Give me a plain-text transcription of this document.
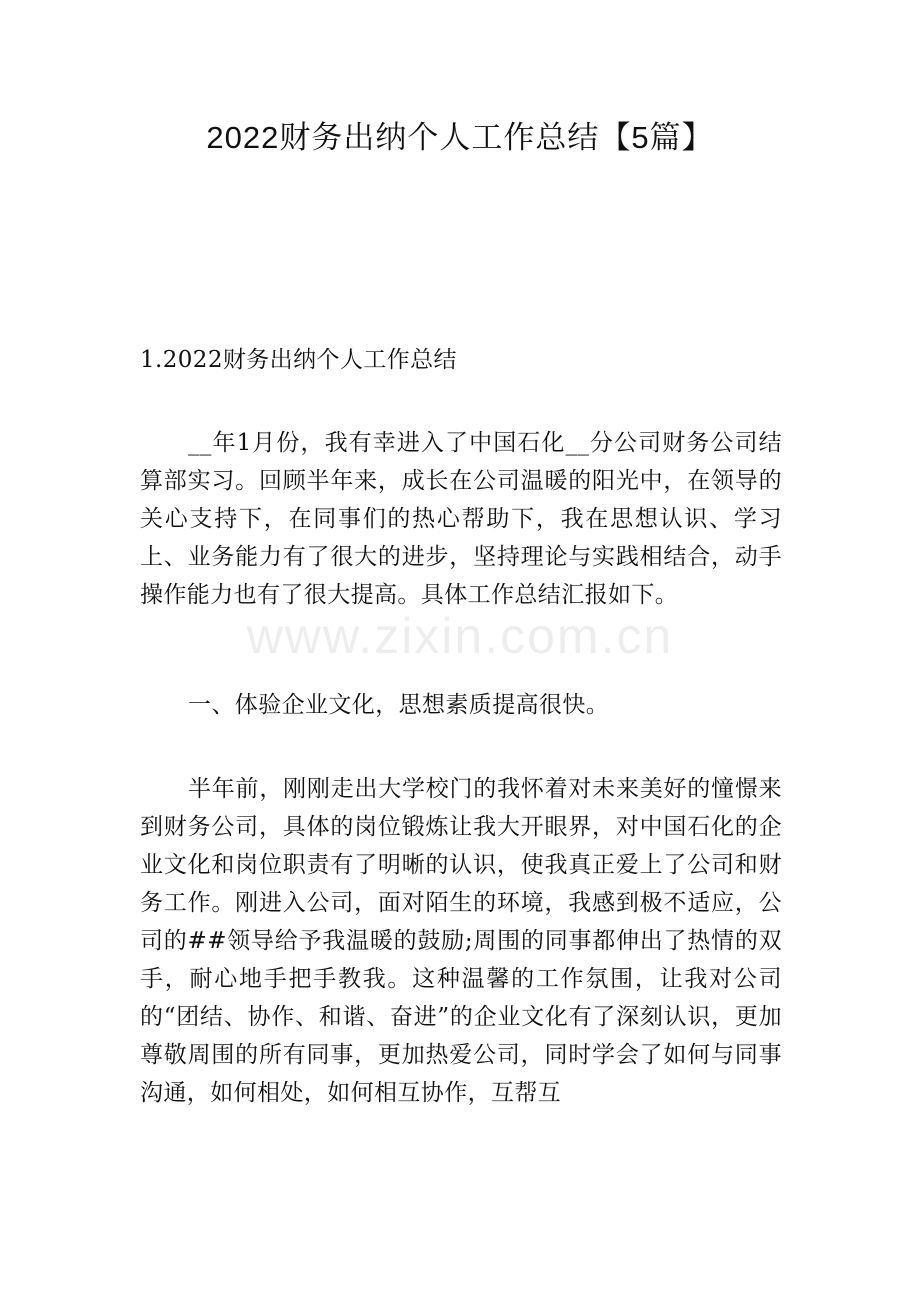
2022财务出纳个人工作总结【5篇】

1.2022财务出纳个人工作总结

__年1月份，我有幸进入了中国石化__分公司财务公司结算部实习。回顾半年来，成长在公司温暖的阳光中，在领导的关心支持下，在同事们的热心帮助下，我在思想认识、学习上、业务能力有了很大的进步，坚持理论与实践相结合，动手操作能力也有了很大提高。具体工作总结汇报如下。

www.zixin.com.cn

一、体验企业文化，思想素质提高很快。

半年前，刚刚走出大学校门的我怀着对未来美好的憧憬来到财务公司，具体的岗位锻炼让我大开眼界，对中国石化的企业文化和岗位职责有了明晰的认识，使我真正爱上了公司和财务工作。刚进入公司，面对陌生的环境，我感到极不适应，公司的##领导给予我温暖的鼓励;周围的同事都伸出了热情的双手，耐心地手把手教我。这种温馨的工作氛围，让我对公司的“团结、协作、和谐、奋进”的企业文化有了深刻认识，更加尊敬周围的所有同事，更加热爱公司，同时学会了如何与同事沟通，如何相处，如何相互协作，互帮互
